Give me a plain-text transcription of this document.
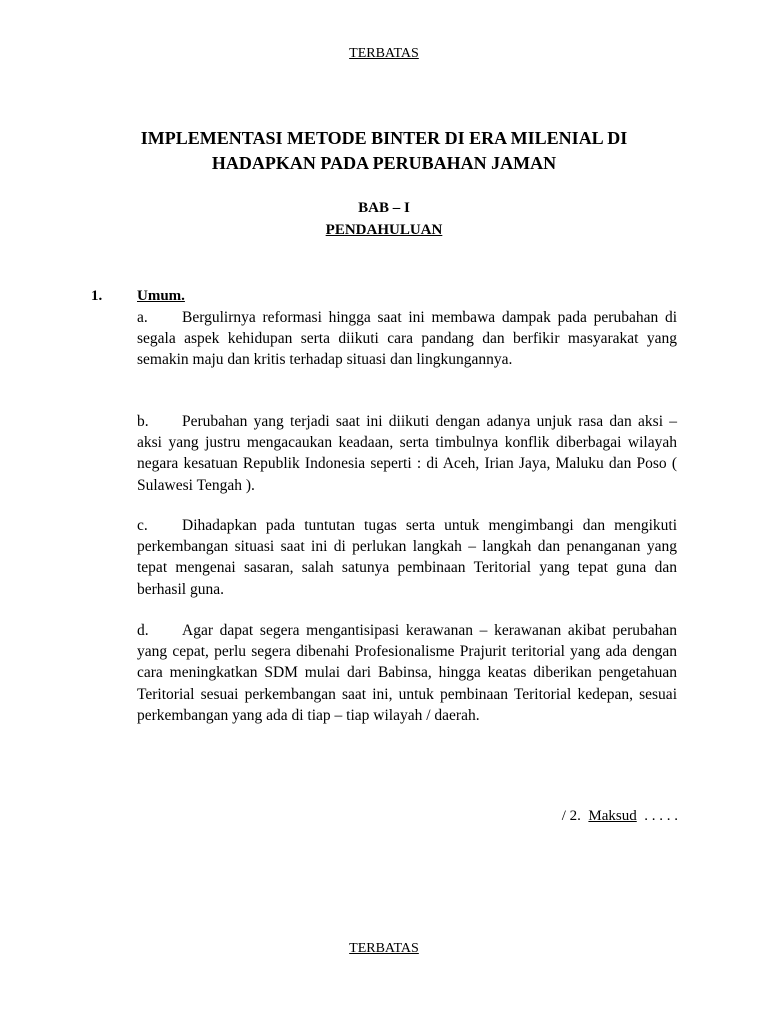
TERBATAS
IMPLEMENTASI METODE BINTER DI ERA MILENIAL DI
HADAPKAN PADA PERUBAHAN JAMAN
BAB – I
PENDAHULUAN
1. Umum.

a. Bergulirnya reformasi hingga saat ini membawa dampak pada perubahan di segala aspek kehidupan serta diikuti cara pandang dan berfikir masyarakat yang semakin maju dan kritis terhadap situasi dan lingkungannya.

b. Perubahan yang terjadi saat ini diikuti dengan adanya unjuk rasa dan aksi – aksi yang justru mengacaukan keadaan, serta timbulnya konflik diberbagai wilayah negara kesatuan Republik Indonesia seperti : di Aceh, Irian Jaya, Maluku dan Poso ( Sulawesi Tengah ).

c. Dihadapkan pada tuntutan tugas serta untuk mengimbangi dan mengikuti perkembangan situasi saat ini di perlukan langkah – langkah dan penanganan yang tepat mengenai sasaran, salah satunya pembinaan Teritorial yang tepat guna dan berhasil guna.

d. Agar dapat segera mengantisipasi kerawanan – kerawanan akibat perubahan yang cepat, perlu segera dibenahi Profesionalisme Prajurit teritorial yang ada dengan cara meningkatkan SDM mulai dari Babinsa, hingga keatas diberikan pengetahuan Teritorial sesuai perkembangan saat ini, untuk pembinaan Teritorial kedepan, sesuai perkembangan yang ada di tiap – tiap wilayah / daerah.

/ 2. Maksud . . . . .
TERBATAS
